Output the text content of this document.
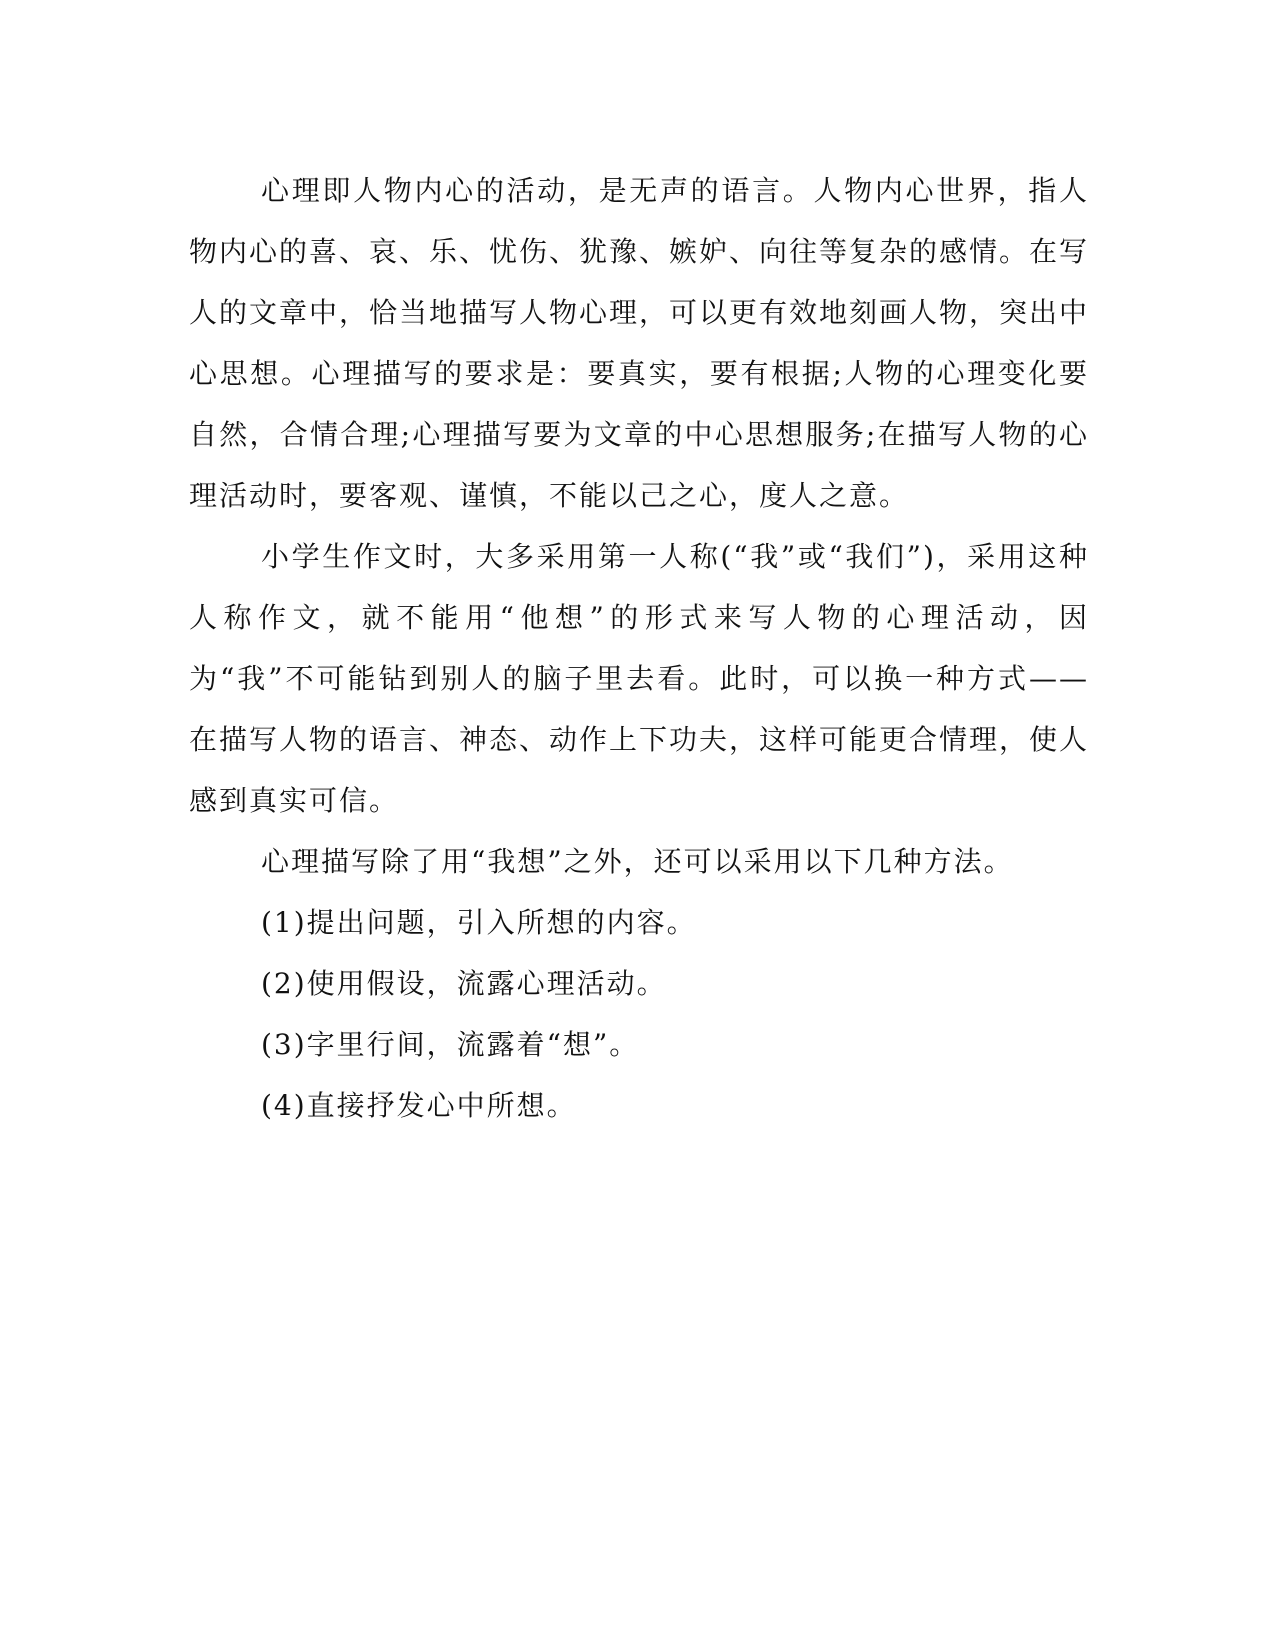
心理即人物内心的活动，是无声的语言。人物内心世界，指人物内心的喜、哀、乐、忧伤、犹豫、嫉妒、向往等复杂的感情。在写人的文章中，恰当地描写人物心理，可以更有效地刻画人物，突出中心思想。心理描写的要求是：要真实，要有根据;人物的心理变化要自然，合情合理;心理描写要为文章的中心思想服务;在描写人物的心理活动时，要客观、谨慎，不能以己之心，度人之意。

小学生作文时，大多采用第一人称(“我”或“我们”)，采用这种人称作文，就不能用“他想”的形式来写人物的心理活动，因为“我”不可能钻到别人的脑子里去看。此时，可以换一种方式——在描写人物的语言、神态、动作上下功夫，这样可能更合情理，使人感到真实可信。

心理描写除了用“我想”之外，还可以采用以下几种方法。

(1)提出问题，引入所想的内容。

(2)使用假设，流露心理活动。

(3)字里行间，流露着“想”。

(4)直接抒发心中所想。
